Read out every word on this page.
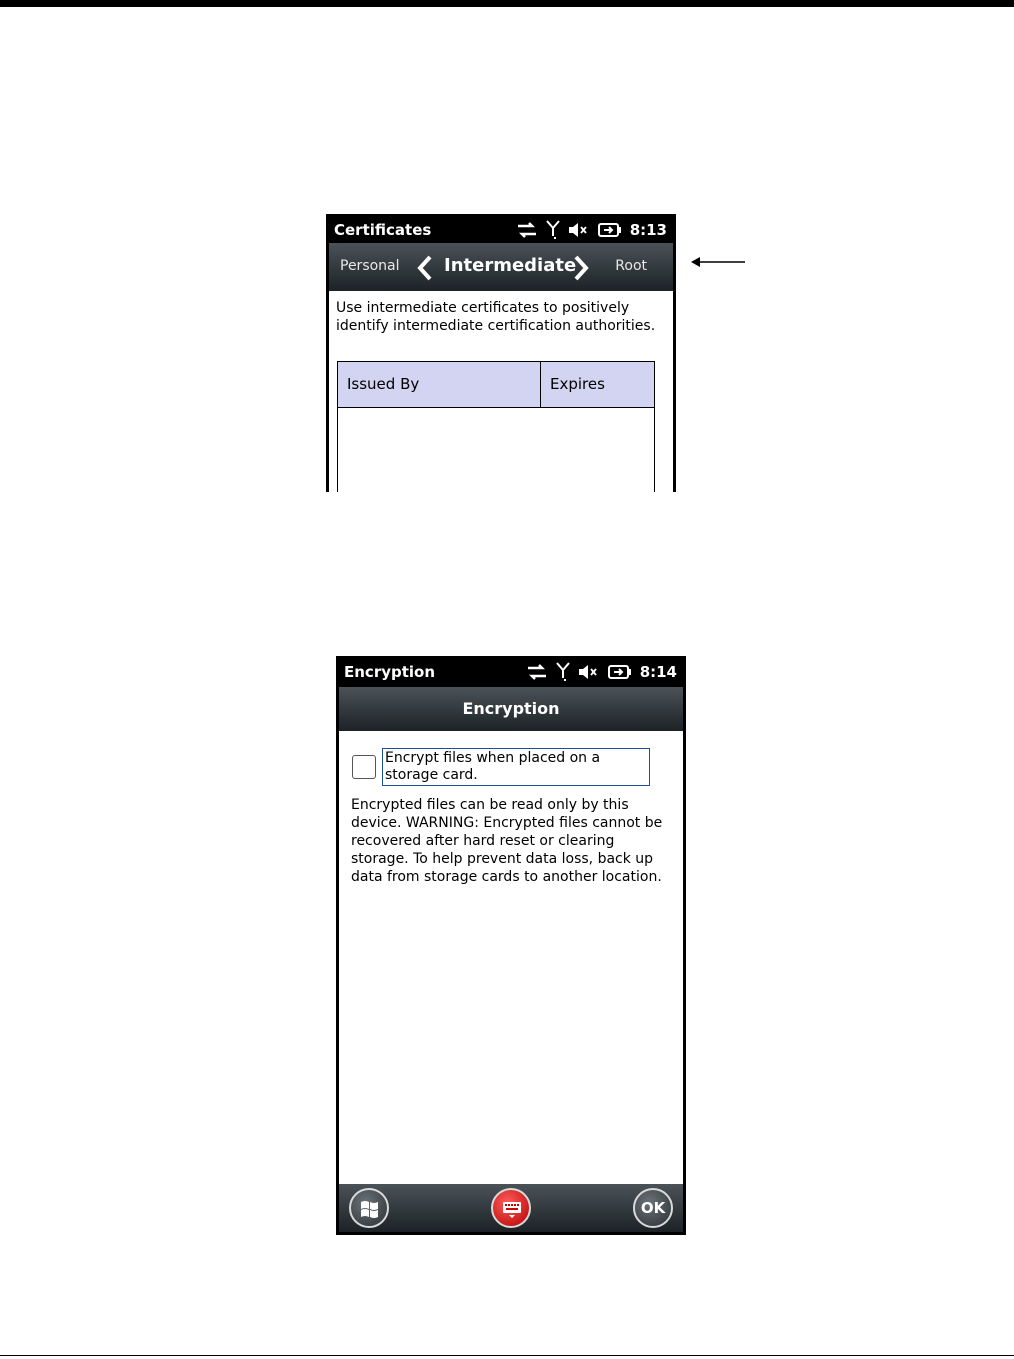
Certificates	8:13
Personal Intermediate	Root
Use intermediate certificates to positively identify intermediate certification authorities.
Issued By	Expires
Encryption	8:14
Encryption
Encrypt files when placed on a storage card.
Encrypted files can be read only by this device. WARNING: Encrypted files cannot be recovered after hard reset or clearing storage. To help prevent data loss, back up data from storage cards to another location.
OK
